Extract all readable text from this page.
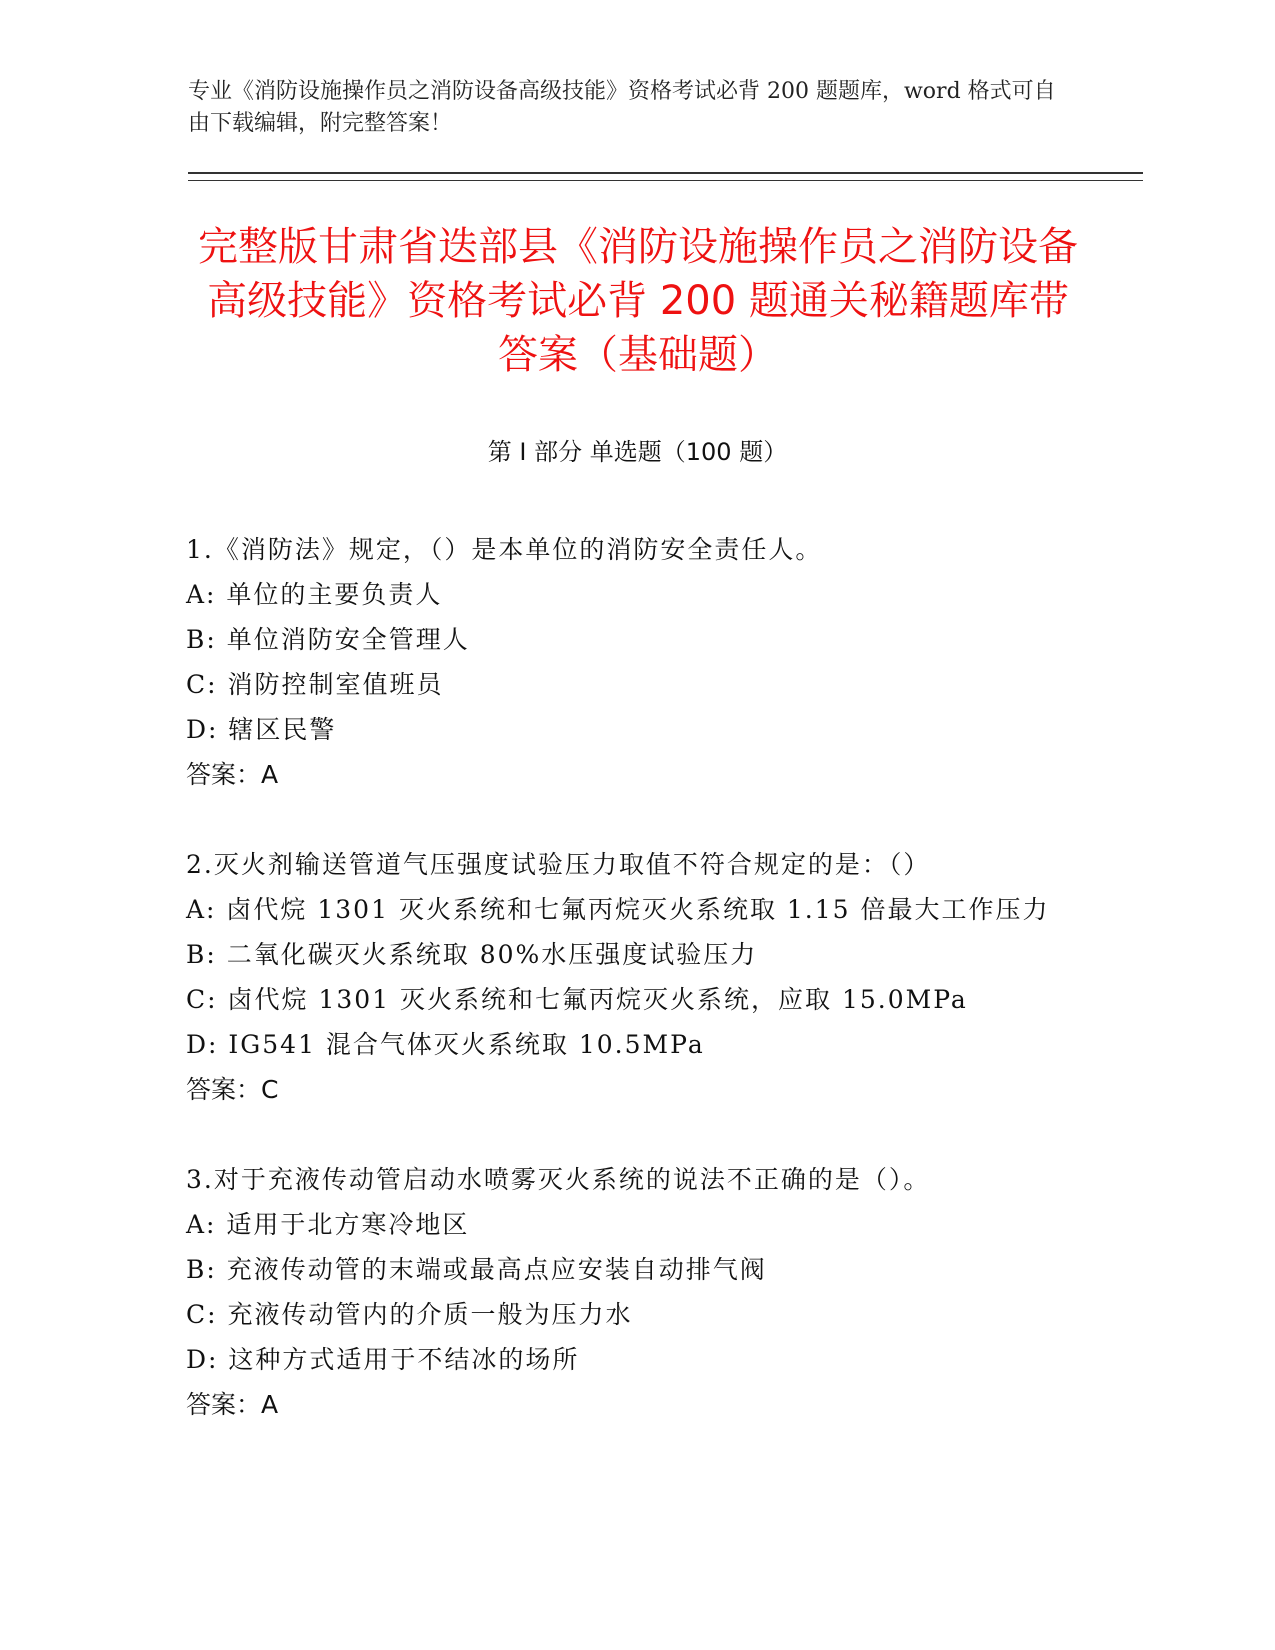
专业《消防设施操作员之消防设备高级技能》资格考试必背 200 题题库，word 格式可自由下载编辑，附完整答案！
完整版甘肃省迭部县《消防设施操作员之消防设备高级技能》资格考试必背 200 题通关秘籍题库带答案（基础题）
第 I 部分 单选题（100 题）
1.《消防法》规定，（）是本单位的消防安全责任人。
A: 单位的主要负责人
B: 单位消防安全管理人
C: 消防控制室值班员
D: 辖区民警
答案：A
2.灭火剂输送管道气压强度试验压力取值不符合规定的是：（）
A: 卤代烷 1301 灭火系统和七氟丙烷灭火系统取 1.15 倍最大工作压力
B: 二氧化碳灭火系统取 80%水压强度试验压力
C: 卤代烷 1301 灭火系统和七氟丙烷灭火系统，应取 15.0MPa
D: IG541 混合气体灭火系统取 10.5MPa
答案：C
3.对于充液传动管启动水喷雾灭火系统的说法不正确的是（）。
A: 适用于北方寒冷地区
B: 充液传动管的末端或最高点应安装自动排气阀
C: 充液传动管内的介质一般为压力水
D: 这种方式适用于不结冰的场所
答案：A
